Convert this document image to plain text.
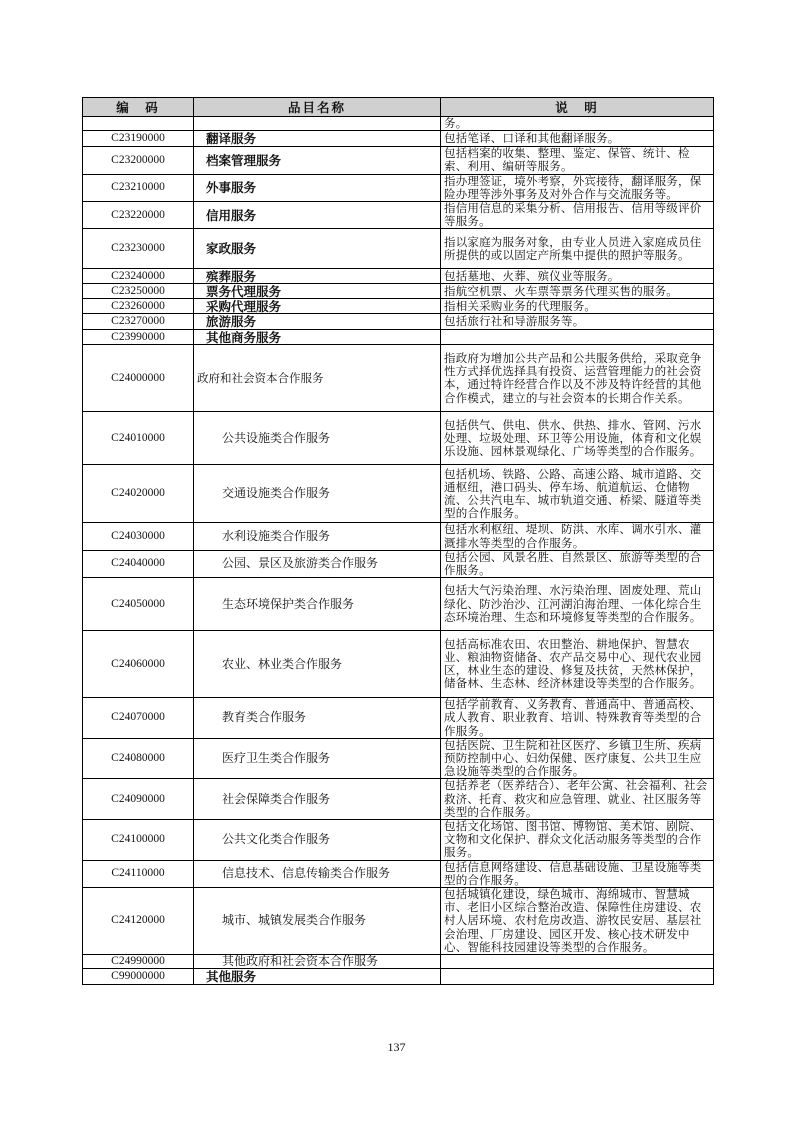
编　码	品目名称	说　明
		务。
C23190000	翻译服务	包括笔译、口译和其他翻译服务。
C23200000	档案管理服务	包括档案的收集、整理、鉴定、保管、统计、检索、利用、编研等服务。
C23210000	外事服务	指办理签证，境外考察，外宾接待，翻译服务，保险办理等涉外事务及对外合作与交流服务等。
C23220000	信用服务	指信用信息的采集分析、信用报告、信用等级评价等服务。
C23230000	家政服务	指以家庭为服务对象，由专业人员进入家庭成员住所提供的或以固定产所集中提供的照护等服务。
C23240000	殡葬服务	包括墓地、火葬、殡仪业等服务。
C23250000	票务代理服务	指航空机票、火车票等票务代理买售的服务。
C23260000	采购代理服务	指相关采购业务的代理服务。
C23270000	旅游服务	包括旅行社和导游服务等。
C23990000	其他商务服务	
C24000000	政府和社会资本合作服务	指政府为增加公共产品和公共服务供给，采取竞争性方式择优选择具有投资、运营管理能力的社会资本，通过特许经营合作以及不涉及特许经营的其他合作模式，建立的与社会资本的长期合作关系。
C24010000	公共设施类合作服务	包括供气、供电、供水、供热、排水、管网、污水处理、垃圾处理、环卫等公用设施，体育和文化娱乐设施、园林景观绿化、广场等类型的合作服务。
C24020000	交通设施类合作服务	包括机场、铁路、公路、高速公路、城市道路、交通枢纽，港口码头、停车场、航道航运、仓储物流、公共汽电车、城市轨道交通、桥梁、隧道等类型的合作服务。
C24030000	水利设施类合作服务	包括水利枢纽、堤坝、防洪、水库、调水引水、灌溉排水等类型的合作服务。
C24040000	公园、景区及旅游类合作服务	包括公园、风景名胜、自然景区、旅游等类型的合作服务。
C24050000	生态环境保护类合作服务	包括大气污染治理、水污染治理、固废处理、荒山绿化、防沙治沙、江河湖泊海治理、一体化综合生态环境治理、生态和环境修复等类型的合作服务。
C24060000	农业、林业类合作服务	包括高标准农田、农田整治、耕地保护、智慧农业、粮油物资储备、农产品交易中心、现代农业园区，林业生态的建设、修复及扶贫，天然林保护，储备林、生态林、经济林建设等类型的合作服务。
C24070000	教育类合作服务	包括学前教育、义务教育、普通高中、普通高校、成人教育、职业教育、培训、特殊教育等类型的合作服务。
C24080000	医疗卫生类合作服务	包括医院、卫生院和社区医疗、乡镇卫生所、疾病预防控制中心、妇幼保健、医疗康复、公共卫生应急设施等类型的合作服务。
C24090000	社会保障类合作服务	包括养老（医养结合）、老年公寓、社会福利、社会救济、托育、救灾和应急管理、就业、社区服务等类型的合作服务。
C24100000	公共文化类合作服务	包括文化场馆、图书馆、博物馆、美术馆、剧院、文物和文化保护、群众文化活动服务等类型的合作服务。
C24110000	信息技术、信息传输类合作服务	包括信息网络建设、信息基础设施、卫星设施等类型的合作服务。
C24120000	城市、城镇发展类合作服务	包括城镇化建设，绿色城市、海绵城市、智慧城市、老旧小区综合整治改造、保障性住房建设、农村人居环境、农村危房改造、游牧民安居、基层社会治理、厂房建设、园区开发、核心技术研发中心、智能科技园建设等类型的合作服务。
C24990000	其他政府和社会资本合作服务	
C99000000	其他服务	
137
